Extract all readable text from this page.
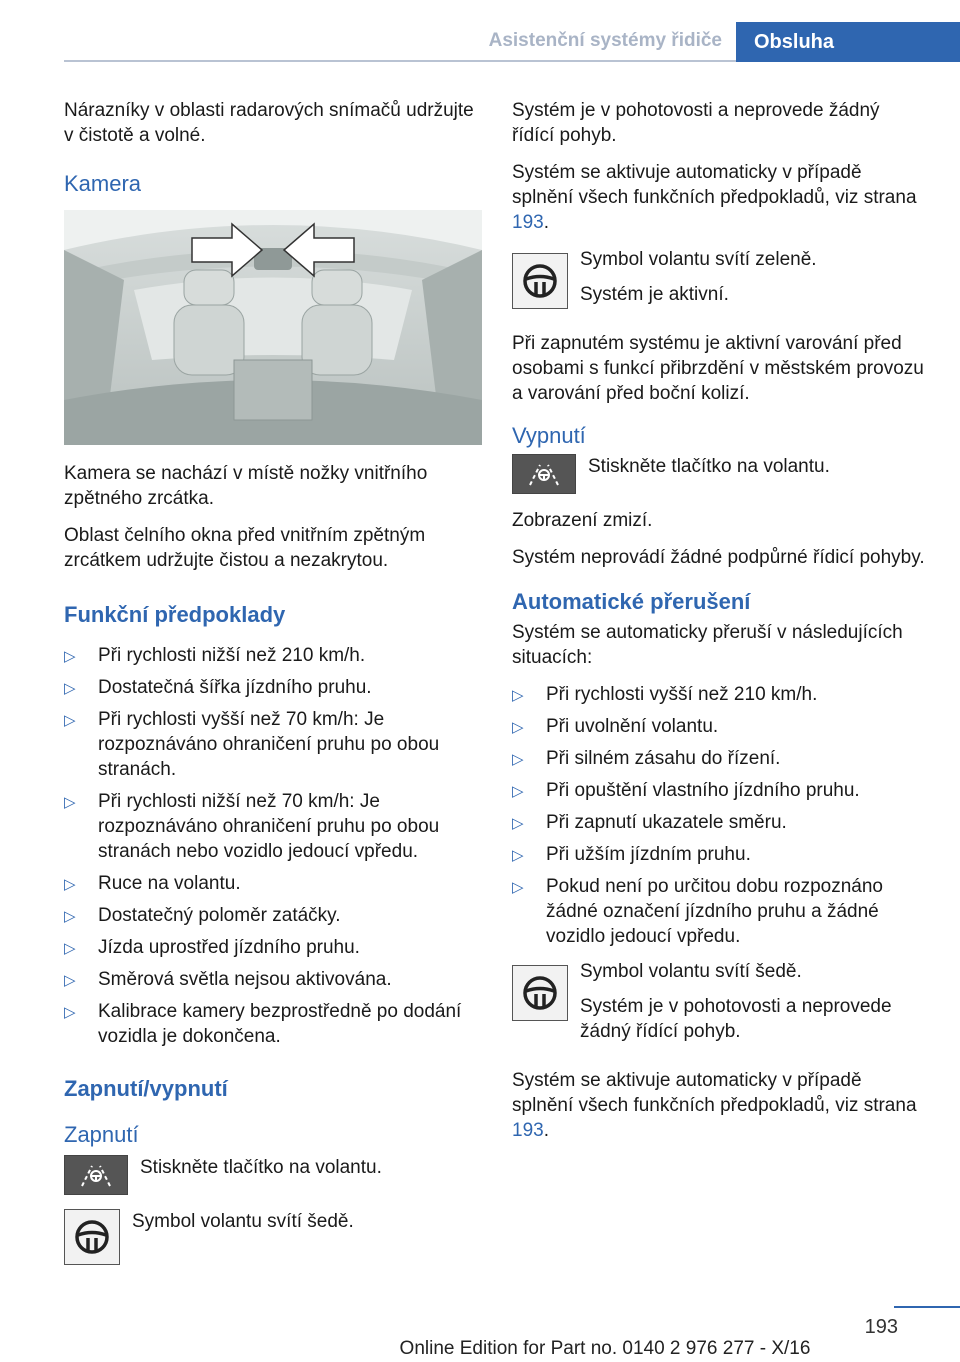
Asistenční systémy řidiče	Obsluha

Nárazníky v oblasti radarových snímačů udržujte v čistotě a volné.

Kamera

Kamera se nachází v místě nožky vnitřního zpětného zrcátka.

Oblast čelního okna před vnitřním zpětným zrcátkem udržujte čistou a nezakrytou.

Funkční předpoklady
▷ Při rychlosti nižší než 210 km/h.
▷ Dostatečná šířka jízdního pruhu.
▷ Při rychlosti vyšší než 70 km/h: Je rozpoznáváno ohraničení pruhu po obou stranách.
▷ Při rychlosti nižší než 70 km/h: Je rozpoznáváno ohraničení pruhu po obou stranách nebo vozidlo jedoucí vpředu.
▷ Ruce na volantu.
▷ Dostatečný poloměr zatáčky.
▷ Jízda uprostřed jízdního pruhu.
▷ Směrová světla nejsou aktivována.
▷ Kalibrace kamery bezprostředně po dodání vozidla je dokončena.
Zapnutí/vypnutí
Zapnutí

Stiskněte tlačítko na volantu.

Symbol volantu svítí šedě.

Systém je v pohotovosti a neprovede žádný řídící pohyb.

Systém se aktivuje automaticky v případě splnění všech funkčních předpokladů, viz strana 193.

Symbol volantu svítí zeleně.

Systém je aktivní.

Při zapnutém systému je aktivní varování před osobami s funkcí přibrzdění v městském provozu a varování před boční kolizí.

Vypnutí

Stiskněte tlačítko na volantu.

Zobrazení zmizí.

Systém neprovádí žádné podpůrné řídicí pohyby.

Automatické přerušení

Systém se automaticky přeruší v následujících situacích:

▷ Při rychlosti vyšší než 210 km/h.
▷ Při uvolnění volantu.
▷ Při silném zásahu do řízení.
▷ Při opuštění vlastního jízdního pruhu.
▷ Při zapnutí ukazatele směru.
▷ Při užším jízdním pruhu.
▷ Pokud není po určitou dobu rozpoznáno žádné označení jízdního pruhu a žádné vozidlo jedoucí vpředu.

Symbol volantu svítí šedě.

Systém je v pohotovosti a neprovede žádný řídící pohyb.

Systém se aktivuje automaticky v případě splnění všech funkčních předpokladů, viz strana 193.

193
Online Edition for Part no. 0140 2 976 277 - X/16
